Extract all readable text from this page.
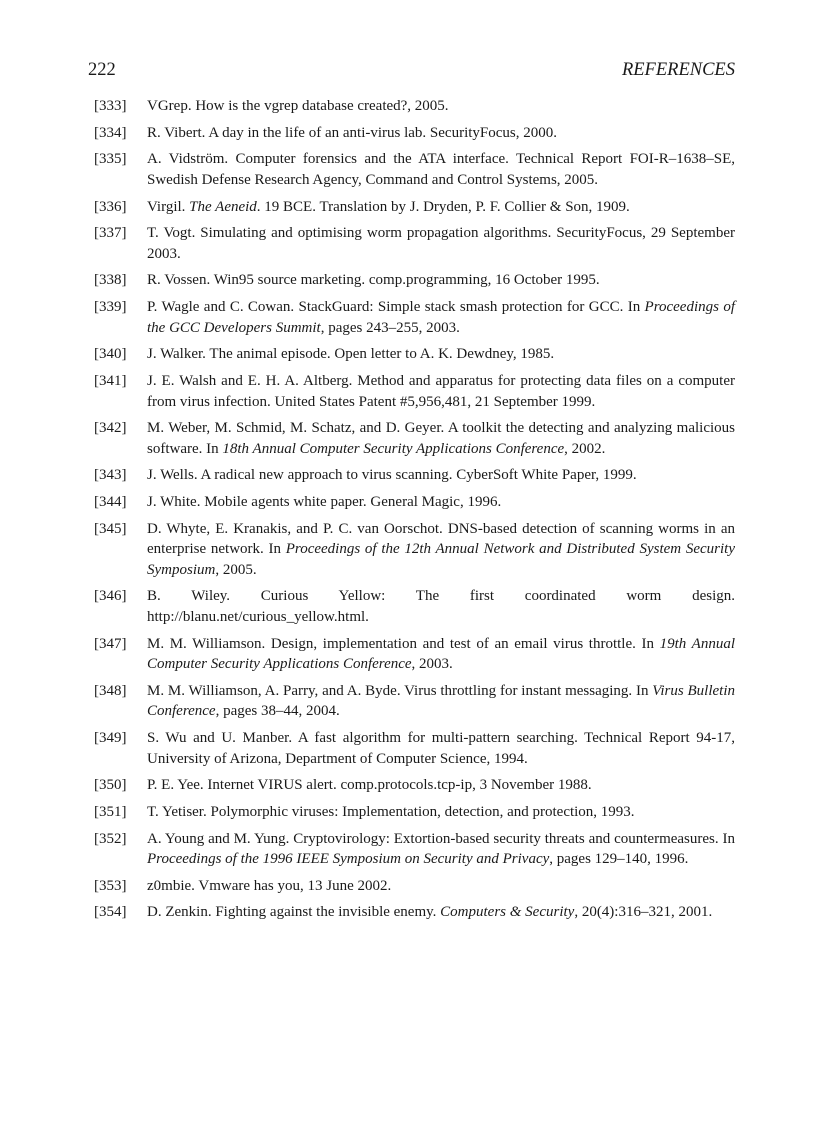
222	REFERENCES
[333] VGrep. How is the vgrep database created?, 2005.
[334] R. Vibert. A day in the life of an anti-virus lab. SecurityFocus, 2000.
[335] A. Vidström. Computer forensics and the ATA interface. Technical Report FOI-R–1638–SE, Swedish Defense Research Agency, Command and Control Systems, 2005.
[336] Virgil. The Aeneid. 19 BCE. Translation by J. Dryden, P. F. Collier & Son, 1909.
[337] T. Vogt. Simulating and optimising worm propagation algorithms. SecurityFocus, 29 September 2003.
[338] R. Vossen. Win95 source marketing. comp.programming, 16 October 1995.
[339] P. Wagle and C. Cowan. StackGuard: Simple stack smash protection for GCC. In Proceedings of the GCC Developers Summit, pages 243–255, 2003.
[340] J. Walker. The animal episode. Open letter to A. K. Dewdney, 1985.
[341] J. E. Walsh and E. H. A. Altberg. Method and apparatus for protecting data files on a computer from virus infection. United States Patent #5,956,481, 21 September 1999.
[342] M. Weber, M. Schmid, M. Schatz, and D. Geyer. A toolkit the detecting and analyzing malicious software. In 18th Annual Computer Security Applications Conference, 2002.
[343] J. Wells. A radical new approach to virus scanning. CyberSoft White Paper, 1999.
[344] J. White. Mobile agents white paper. General Magic, 1996.
[345] D. Whyte, E. Kranakis, and P. C. van Oorschot. DNS-based detection of scanning worms in an enterprise network. In Proceedings of the 12th Annual Network and Distributed System Security Symposium, 2005.
[346] B. Wiley. Curious Yellow: The first coordinated worm design.
http://blanu.net/curious_yellow.html.
[347] M. M. Williamson. Design, implementation and test of an email virus throttle. In 19th Annual Computer Security Applications Conference, 2003.
[348] M. M. Williamson, A. Parry, and A. Byde. Virus throttling for instant messaging. In Virus Bulletin Conference, pages 38–44, 2004.
[349] S. Wu and U. Manber. A fast algorithm for multi-pattern searching. Technical Report 94-17, University of Arizona, Department of Computer Science, 1994.
[350] P. E. Yee. Internet VIRUS alert. comp.protocols.tcp-ip, 3 November 1988.
[351] T. Yetiser. Polymorphic viruses: Implementation, detection, and protection, 1993.
[352] A. Young and M. Yung. Cryptovirology: Extortion-based security threats and countermeasures. In Proceedings of the 1996 IEEE Symposium on Security and Privacy, pages 129–140, 1996.
[353] z0mbie. Vmware has you, 13 June 2002.
[354] D. Zenkin. Fighting against the invisible enemy. Computers & Security, 20(4):316–321, 2001.
